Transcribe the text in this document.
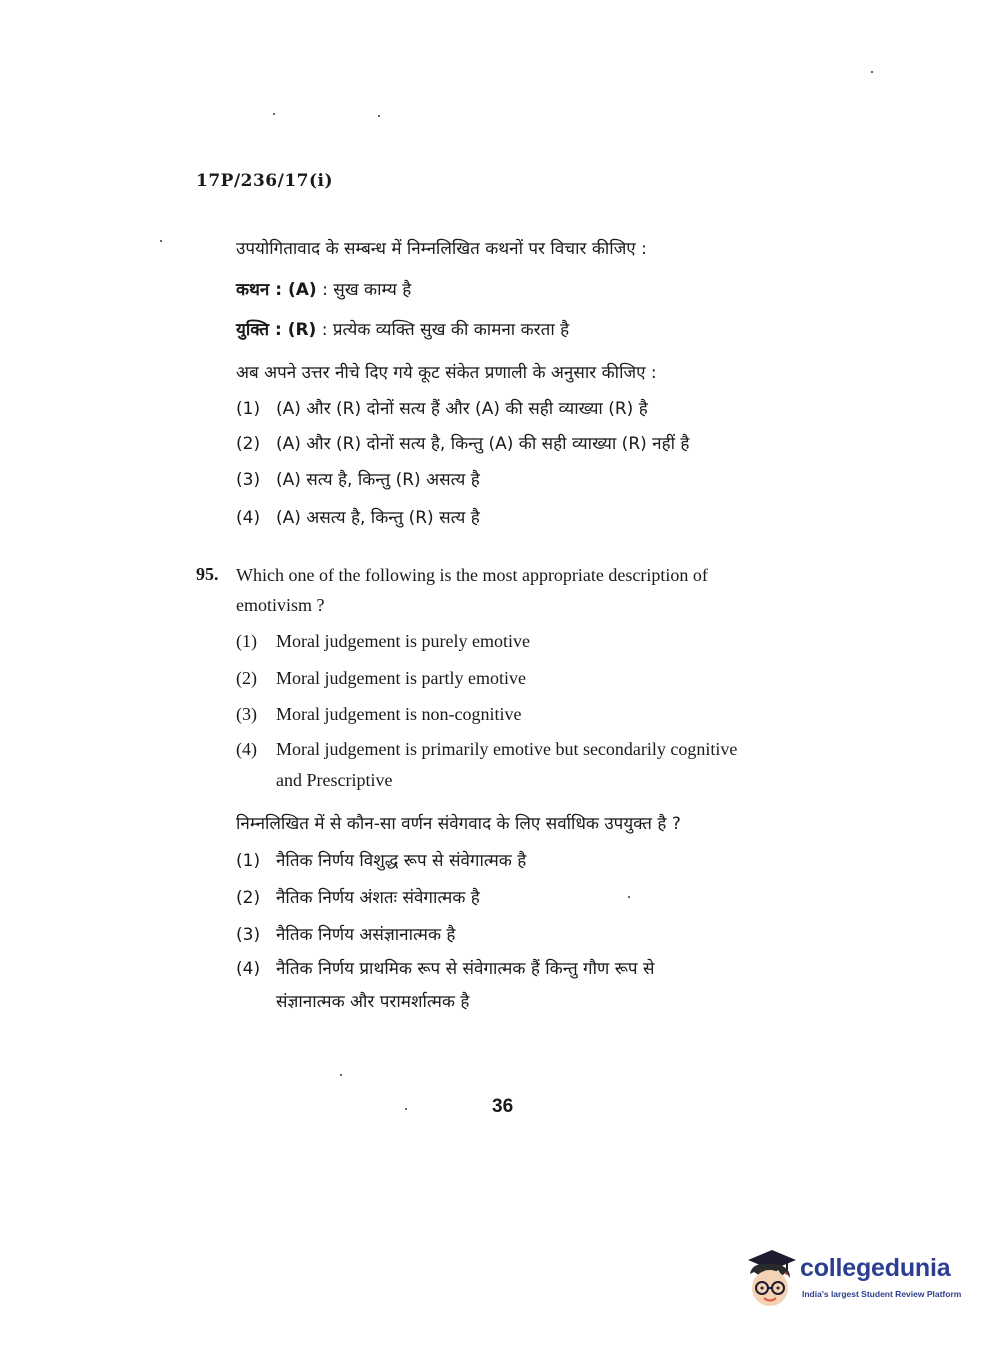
17P/236/17(i)
उपयोगितावाद के सम्बन्ध में निम्नलिखित कथनों पर विचार कीजिए :
कथन : (A) : सुख काम्य है
युक्ति : (R) : प्रत्येक व्यक्ति सुख की कामना करता है
अब अपने उत्तर नीचे दिए गये कूट संकेत प्रणाली के अनुसार कीजिए :
(1) (A) और (R) दोनों सत्य हैं और (A) की सही व्याख्या (R) है
(2) (A) और (R) दोनों सत्य है, किन्तु (A) की सही व्याख्या (R) नहीं है
(3) (A) सत्य है, किन्तु (R) असत्य है
(4) (A) असत्य है, किन्तु (R) सत्य है
95. Which one of the following is the most appropriate description of
emotivism ?
(1) Moral judgement is purely emotive
(2) Moral judgement is partly emotive
(3) Moral judgement is non-cognitive
(4) Moral judgement is primarily emotive but secondarily cognitive
and Prescriptive
निम्नलिखित में से कौन-सा वर्णन संवेगवाद के लिए सर्वाधिक उपयुक्त है ?
(1) नैतिक निर्णय विशुद्ध रूप से संवेगात्मक है
(2) नैतिक निर्णय अंशतः संवेगात्मक है
(3) नैतिक निर्णय असंज्ञानात्मक है
(4) नैतिक निर्णय प्राथमिक रूप से संवेगात्मक हैं किन्तु गौण रूप से
संज्ञानात्मक और परामर्शात्मक है
36
collegedunia
India's largest Student Review Platform
